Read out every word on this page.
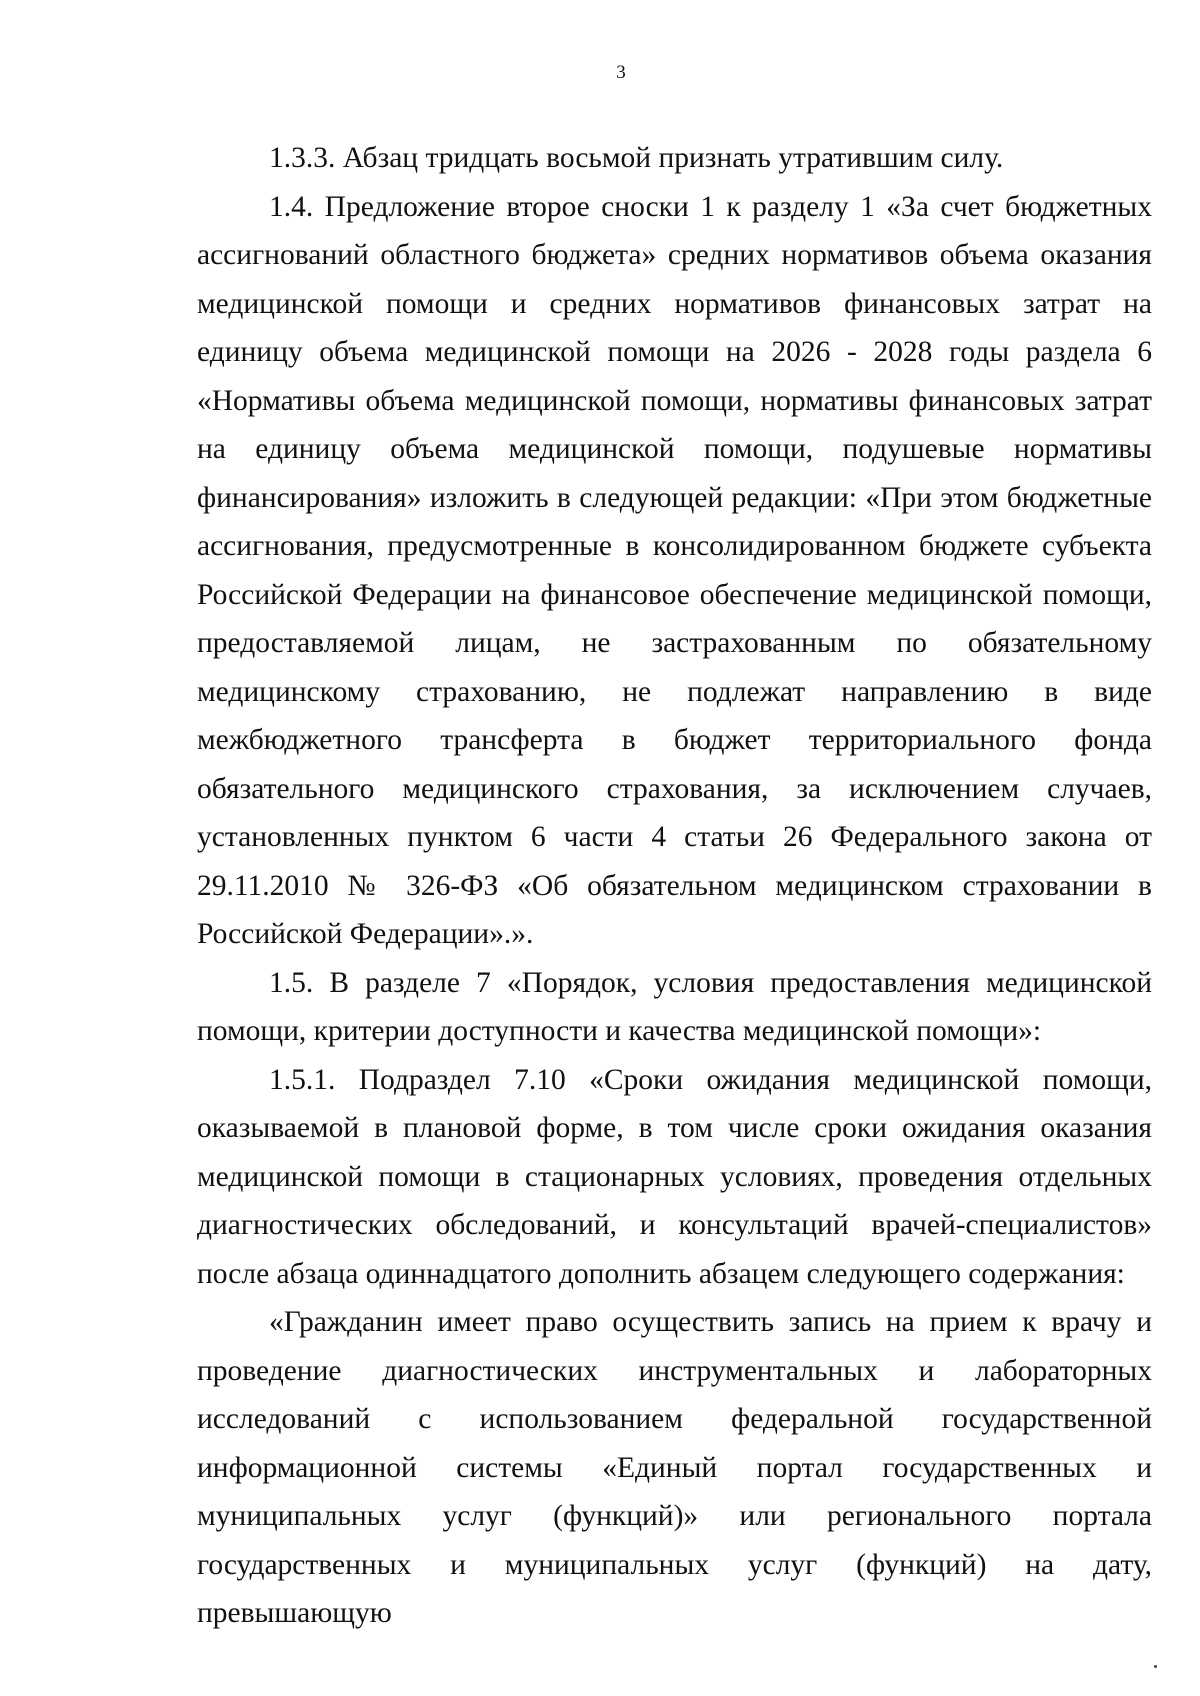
3

1.3.3. Абзац тридцать восьмой признать утратившим силу.

1.4. Предложение второе сноски 1 к разделу 1 «За счет бюджетных ассигнований областного бюджета» средних нормативов объема оказания медицинской помощи и средних нормативов финансовых затрат на единицу объема медицинской помощи на 2026 - 2028 годы раздела 6 «Нормативы объема медицинской помощи, нормативы финансовых затрат на единицу объема медицинской помощи, подушевые нормативы финансирования» изложить в следующей редакции: «При этом бюджетные ассигнования, предусмотренные в консолидированном бюджете субъекта Российской Федерации на финансовое обеспечение медицинской помощи, предоставляемой лицам, не застрахованным по обязательному медицинскому страхованию, не подлежат направлению в виде межбюджетного трансферта в бюджет территориального фонда обязательного медицинского страхования, за исключением случаев, установленных пунктом 6 части 4 статьи 26 Федерального закона от 29.11.2010 № 326-ФЗ «Об обязательном медицинском страховании в Российской Федерации».».

1.5. В разделе 7 «Порядок, условия предоставления медицинской помощи, критерии доступности и качества медицинской помощи»:

1.5.1. Подраздел 7.10 «Сроки ожидания медицинской помощи, оказываемой в плановой форме, в том числе сроки ожидания оказания медицинской помощи в стационарных условиях, проведения отдельных диагностических обследований, и консультаций врачей-специалистов» после абзаца одиннадцатого дополнить абзацем следующего содержания:

«Гражданин имеет право осуществить запись на прием к врачу и проведение диагностических инструментальных и лабораторных исследований с использованием федеральной государственной информационной системы «Единый портал государственных и муниципальных услуг (функций)» или регионального портала государственных и муниципальных услуг (функций) на дату, превышающую
